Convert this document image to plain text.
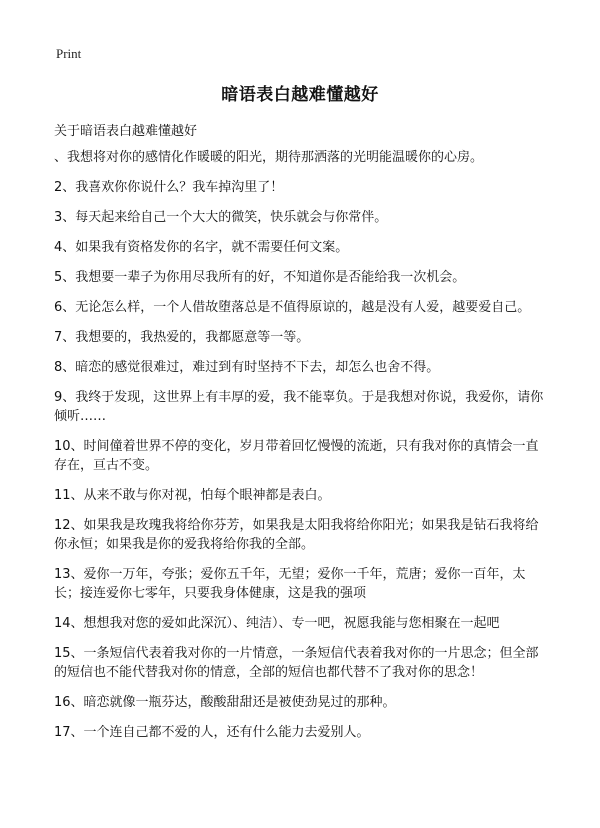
Print
暗语表白越难懂越好
关于暗语表白越难懂越好
、我想将对你的感情化作暖暖的阳光，期待那洒落的光明能温暖你的心房。
2、我喜欢你你说什么？我车掉沟里了！
3、每天起来给自己一个大大的微笑，快乐就会与你常伴。
4、如果我有资格发你的名字，就不需要任何文案。
5、我想要一辈子为你用尽我所有的好，不知道你是否能给我一次机会。
6、无论怎么样，一个人借故堕落总是不值得原谅的，越是没有人爱，越要爱自己。
7、我想要的，我热爱的，我都愿意等一等。
8、暗恋的感觉很难过，难过到有时坚持不下去，却怎么也舍不得。
9、我终于发现，这世界上有丰厚的爱，我不能辜负。于是我想对你说，我爱你，请你倾听……
10、时间僮着世界不停的变化，岁月带着回忆慢慢的流逝，只有我对你的真情会一直存在，亘古不变。
11、从来不敢与你对视，怕每个眼神都是表白。
12、如果我是玫瑰我将给你芬芳，如果我是太阳我将给你阳光；如果我是钻石我将给你永恒；如果我是你的爱我将给你我的全部。
13、爱你一万年，夸张；爱你五千年，无望；爱你一千年，荒唐；爱你一百年，太长；接连爱你七零年，只要我身体健康，这是我的强项
14、想想我对您的爱如此深沉）、纯洁）、专一吧，祝愿我能与您相聚在一起吧
15、一条短信代表着我对你的一片情意，一条短信代表着我对你的一片思念；但全部的短信也不能代替我对你的情意，全部的短信也都代替不了我对你的思念！
16、暗恋就像一瓶芬达，酸酸甜甜还是被使劲晃过的那种。
17、一个连自己都不爱的人，还有什么能力去爱别人。
